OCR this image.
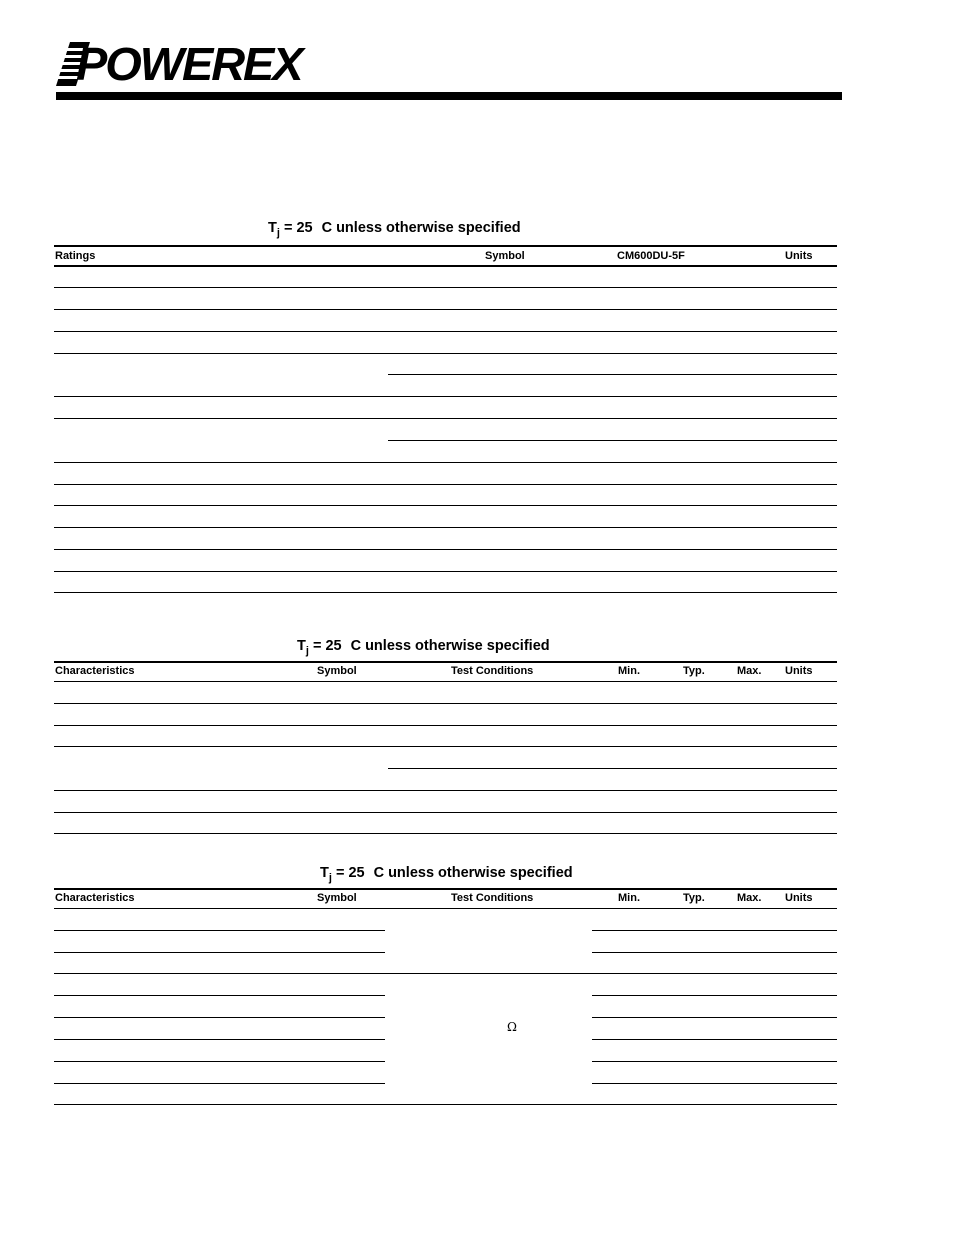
POWEREX
$T_j = 25$ C unless otherwise specified
Ratings	Symbol	CM600DU-5F	Units
$T_j = 25$ C unless otherwise specified
Characteristics	Symbol	Test Conditions	Min.	Typ.	Max. Units
$T_j = 25$ C unless otherwise specified
Characteristics	Symbol	Test Conditions	Min.	Typ.	Max. Units
Ω
